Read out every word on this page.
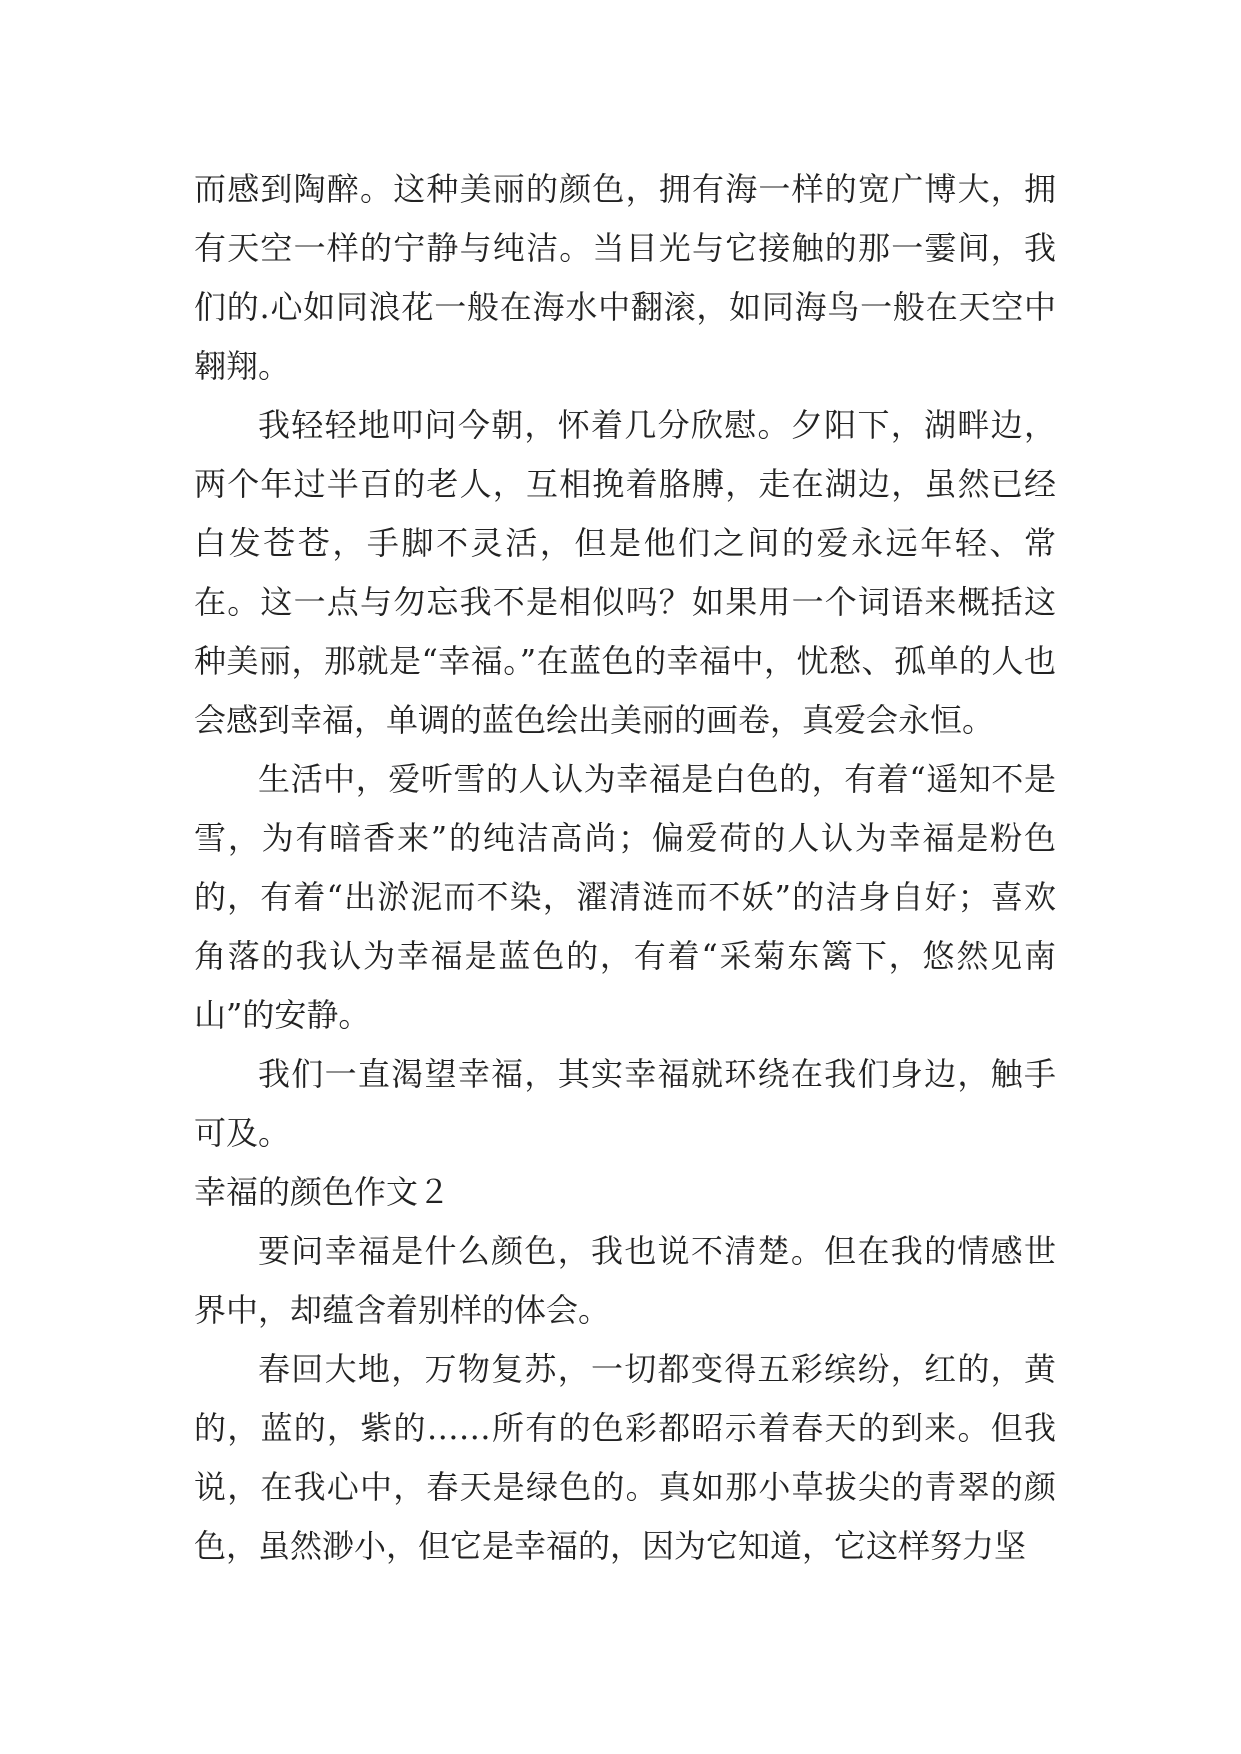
而感到陶醉。这种美丽的颜色，拥有海一样的宽广博大，拥有天空一样的宁静与纯洁。当目光与它接触的那一霎间，我们的.心如同浪花一般在海水中翻滚，如同海鸟一般在天空中翱翔。

我轻轻地叩问今朝，怀着几分欣慰。夕阳下，湖畔边，两个年过半百的老人，互相挽着胳膊，走在湖边，虽然已经白发苍苍，手脚不灵活，但是他们之间的爱永远年轻、常在。这一点与勿忘我不是相似吗？如果用一个词语来概括这种美丽，那就是“幸福。”在蓝色的幸福中，忧愁、孤单的人也会感到幸福，单调的蓝色绘出美丽的画卷，真爱会永恒。

生活中，爱听雪的人认为幸福是白色的，有着“遥知不是雪，为有暗香来”的纯洁高尚；偏爱荷的人认为幸福是粉色的，有着“出淤泥而不染，濯清涟而不妖”的洁身自好；喜欢角落的我认为幸福是蓝色的，有着“采菊东篱下，悠然见南山”的安静。

我们一直渴望幸福，其实幸福就环绕在我们身边，触手可及。

幸福的颜色作文２

要问幸福是什么颜色，我也说不清楚。但在我的情感世界中，却蕴含着别样的体会。

春回大地，万物复苏，一切都变得五彩缤纷，红的，黄的，蓝的，紫的……所有的色彩都昭示着春天的到来。但我说，在我心中，春天是绿色的。真如那小草拔尖的青翠的颜色，虽然渺小，但它是幸福的，因为它知道，它这样努力坚
